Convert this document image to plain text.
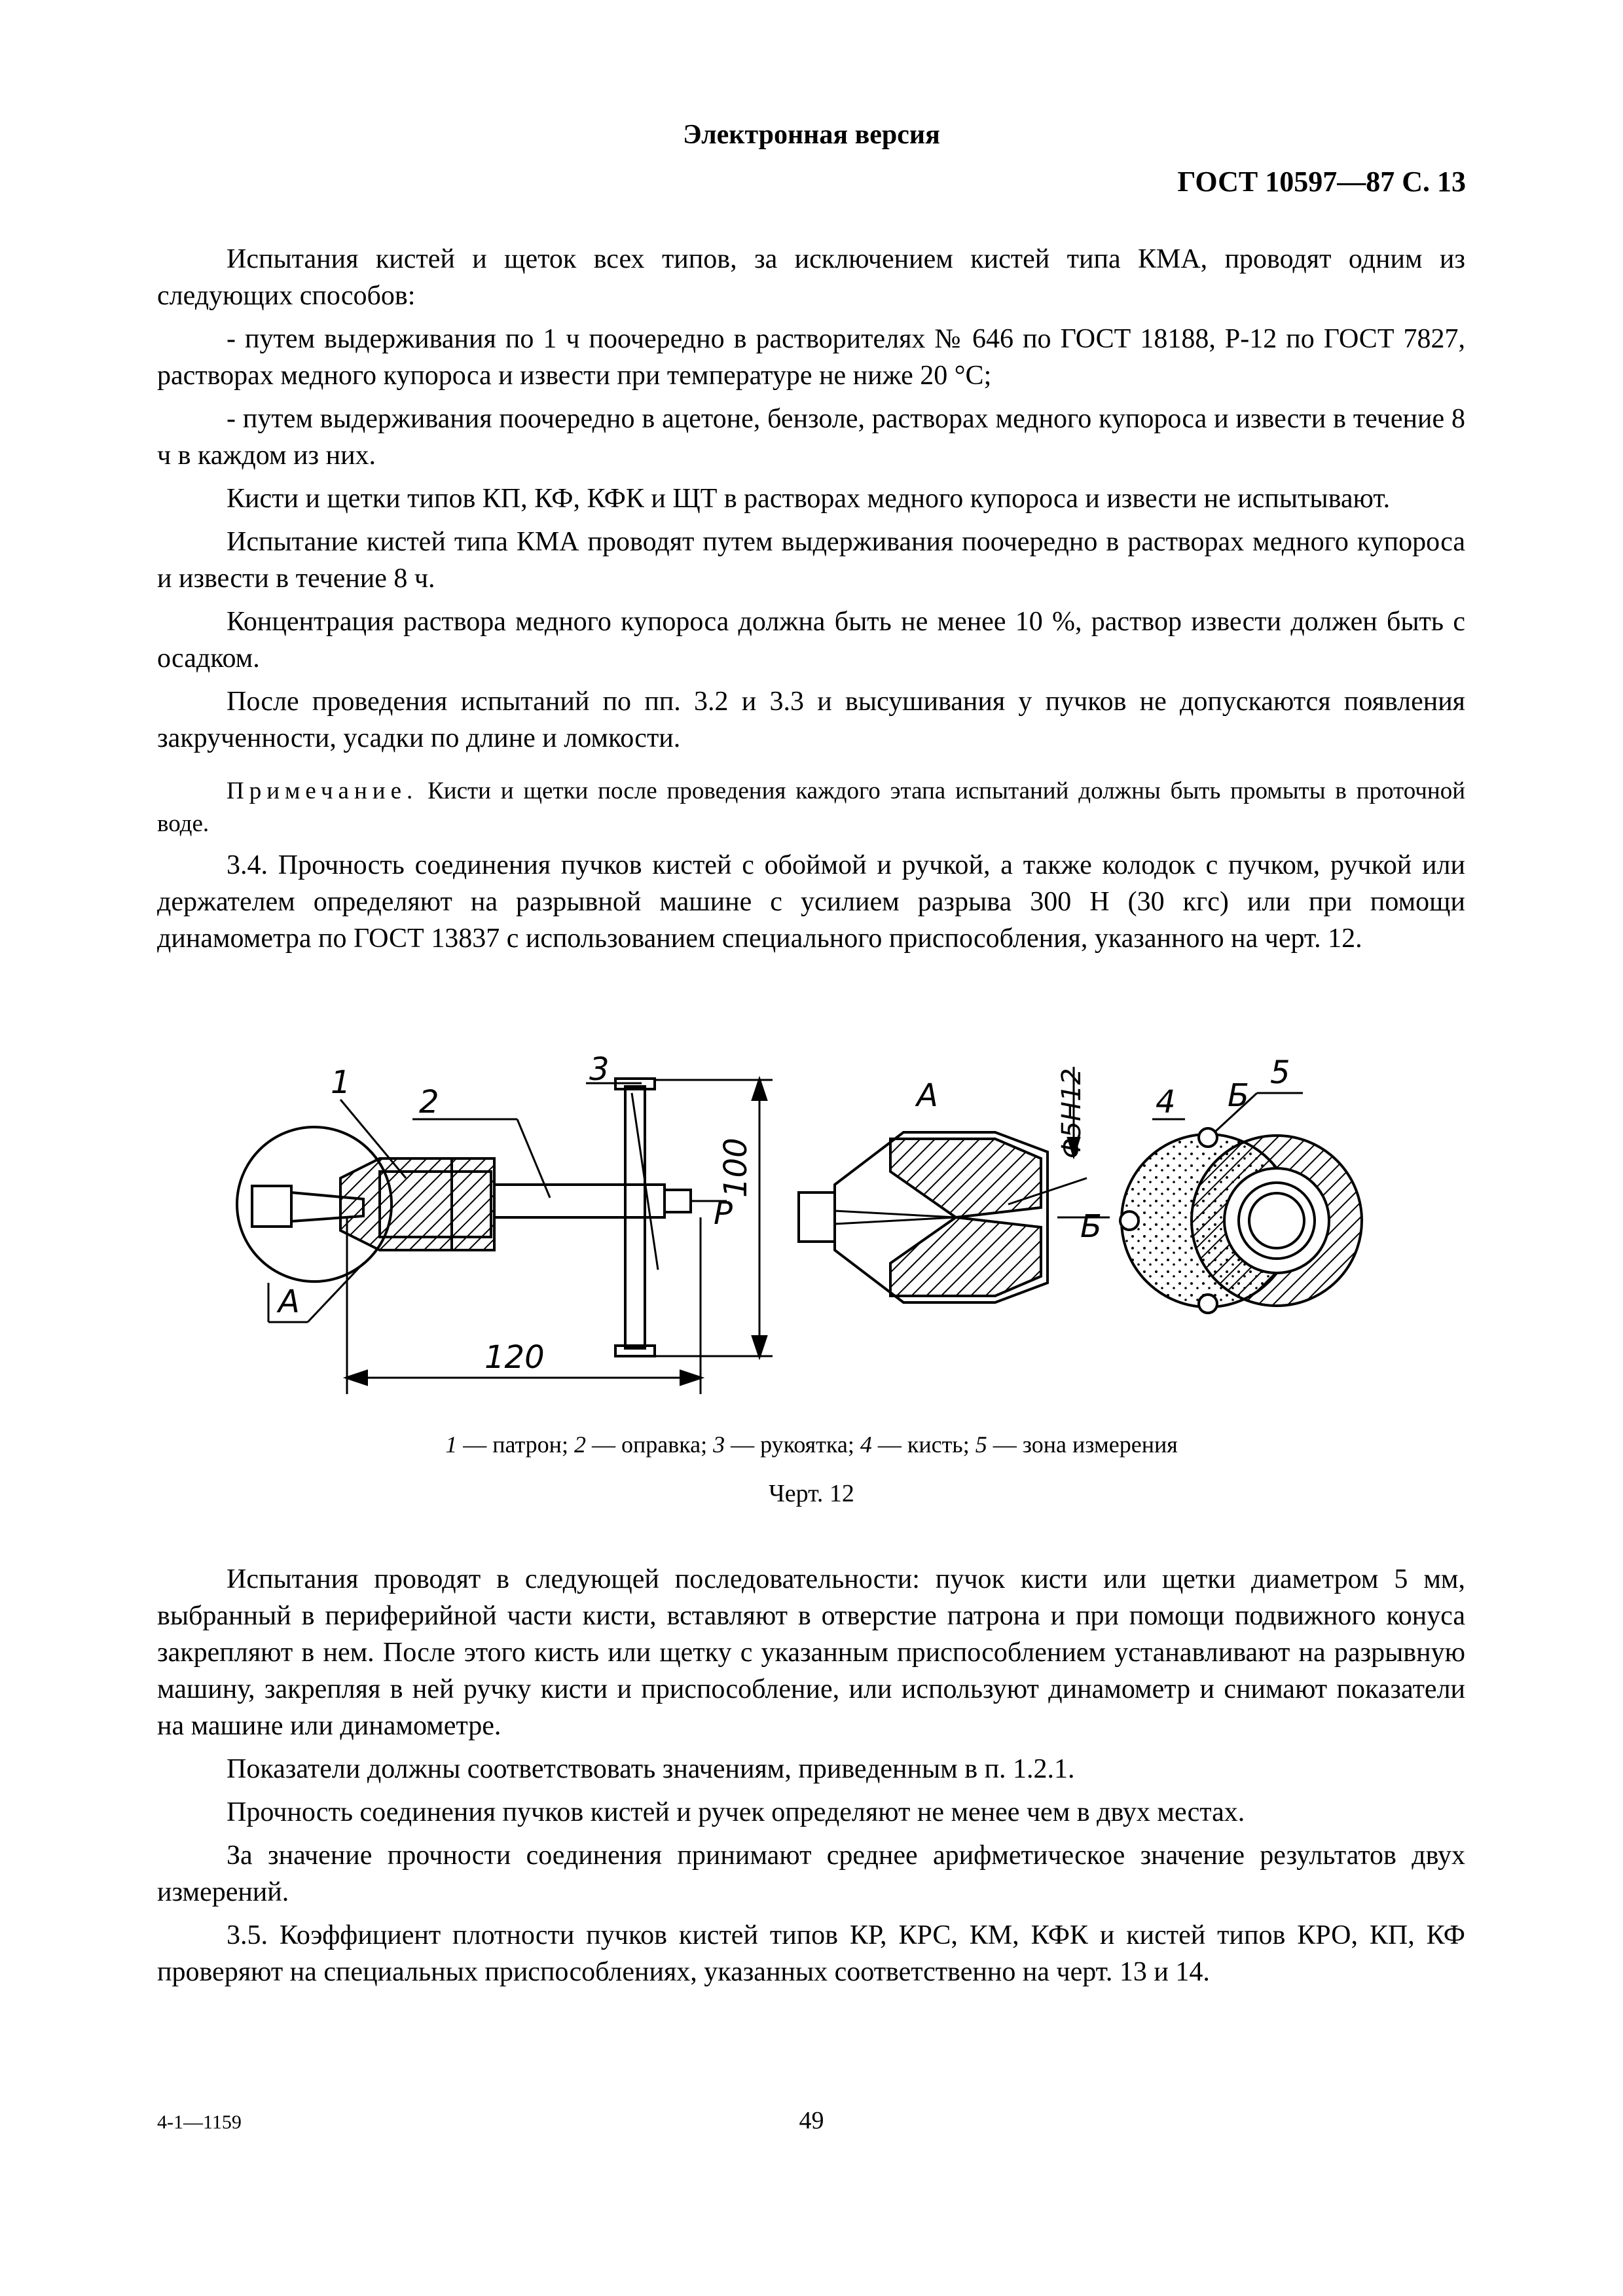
Электронная версия
ГОСТ 10597—87 С. 13

Испытания кистей и щеток всех типов, за исключением кистей типа КМА, проводят одним из следующих способов:

- путем выдерживания по 1 ч поочередно в растворителях № 646 по ГОСТ 18188, Р-12 по ГОСТ 7827, растворах медного купороса и извести при температуре не ниже 20 °С;

- путем выдерживания поочередно в ацетоне, бензоле, растворах медного купороса и извести в течение 8 ч в каждом из них.

Кисти и щетки типов КП, КФ, КФК и ЩТ в растворах медного купороса и извести не испытывают.

Испытание кистей типа КМА проводят путем выдерживания поочередно в растворах медного купороса и извести в течение 8 ч.

Концентрация раствора медного купороса должна быть не менее 10 %, раствор извести должен быть с осадком.

После проведения испытаний по пп. 3.2 и 3.3 и высушивания у пучков не допускаются появления закрученности, усадки по длине и ломкости.

Примечание. Кисти и щетки после проведения каждого этапа испытаний должны быть промыты в проточной воде.

3.4. Прочность соединения пучков кистей с обоймой и ручкой, а также колодок с пучком, ручкой или держателем определяют на разрывной машине с усилием разрыва 300 Н (30 кгс) или при помощи динамометра по ГОСТ 13837 с использованием специального приспособления, указанного на черт. 12.

1
2
3
А
120
P
А	Б
Б
4
5
100
Φ5H12
1 — патрон; 2 — оправка; 3 — рукоятка; 4 — кисть; 5 — зона измерения
Черт. 12

Испытания проводят в следующей последовательности: пучок кисти или щетки диаметром 5 мм, выбранный в периферийной части кисти, вставляют в отверстие патрона и при помощи подвижного конуса закрепляют в нем. После этого кисть или щетку с указанным приспособлением устанавливают на разрывную машину, закрепляя в ней ручку кисти и приспособление, или используют динамометр и снимают показатели на машине или динамометре.

Показатели должны соответствовать значениям, приведенным в п. 1.2.1.

Прочность соединения пучков кистей и ручек определяют не менее чем в двух местах.

За значение прочности соединения принимают среднее арифметическое значение результатов двух измерений.

3.5. Коэффициент плотности пучков кистей типов КР, КРС, КМ, КФК и кистей типов КРО, КП, КФ проверяют на специальных приспособлениях, указанных соответственно на черт. 13 и 14.

4-1—1159	49
